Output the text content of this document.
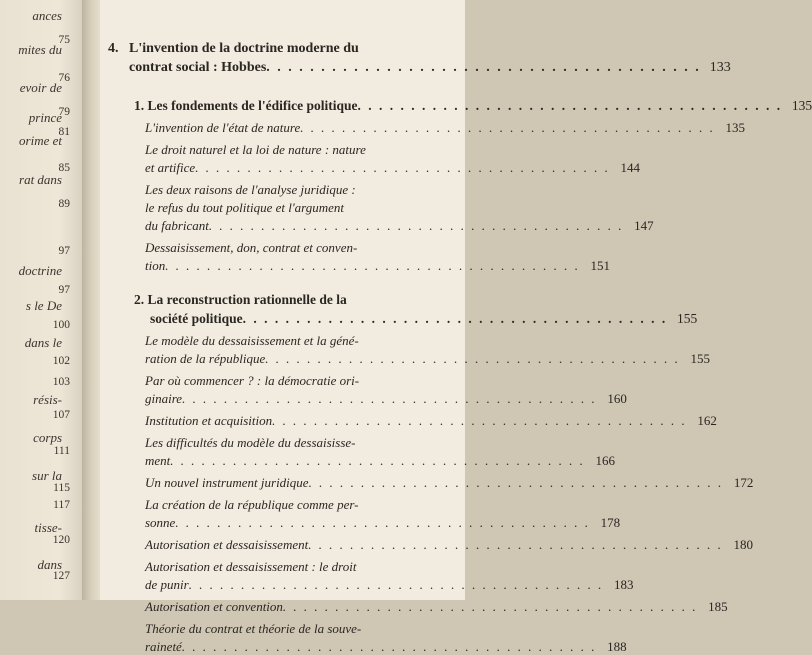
ances
mites du
evoir de
prince
orime et
rat dans
doctrine
s le De
dans le
résis-
corps
sur la
tisse-
dans
75
76
79
81
85
89
97
97
100
102
103
107
111
115
117
120
127
4. L'invention de la doctrine moderne du
contrat social : Hobbes . . . . . . . . . . . . . . . . . . . . . . . . . . . . . . . . . . . . . . . . 133
1. Les fondements de l'édifice politique . . . . . . . . . . . . . . . . . . . . . . . . . . . . . . . . . . . . . . . . 135
L'invention de l'état de nature . . . . . . . . . . . . . . . . . . . . . . . . . . . . . . . . . . . . . . . . 135
Le droit naturel et la loi de nature : nature
et artifice . . . . . . . . . . . . . . . . . . . . . . . . . . . . . . . . . . . . . . . . 144
Les deux raisons de l'analyse juridique :
le refus du tout politique et l'argument
du fabricant . . . . . . . . . . . . . . . . . . . . . . . . . . . . . . . . . . . . . . . . 147
Dessaisissement, don, contrat et conven-
tion . . . . . . . . . . . . . . . . . . . . . . . . . . . . . . . . . . . . . . . . 151
2. La reconstruction rationnelle de la
société politique . . . . . . . . . . . . . . . . . . . . . . . . . . . . . . . . . . . . . . . . 155
Le modèle du dessaisissement et la géné-
ration de la république . . . . . . . . . . . . . . . . . . . . . . . . . . . . . . . . . . . . . . . . 155
Par où commencer ? : la démocratie ori-
ginaire . . . . . . . . . . . . . . . . . . . . . . . . . . . . . . . . . . . . . . . . 160
Institution et acquisition . . . . . . . . . . . . . . . . . . . . . . . . . . . . . . . . . . . . . . . . 162
Les difficultés du modèle du dessaisisse-
ment . . . . . . . . . . . . . . . . . . . . . . . . . . . . . . . . . . . . . . . . 166
Un nouvel instrument juridique . . . . . . . . . . . . . . . . . . . . . . . . . . . . . . . . . . . . . . . . 172
La création de la république comme per-
sonne . . . . . . . . . . . . . . . . . . . . . . . . . . . . . . . . . . . . . . . . 178
Autorisation et dessaisissement . . . . . . . . . . . . . . . . . . . . . . . . . . . . . . . . . . . . . . . . 180
Autorisation et dessaisissement : le droit
de punir . . . . . . . . . . . . . . . . . . . . . . . . . . . . . . . . . . . . . . . . 183
Autorisation et convention . . . . . . . . . . . . . . . . . . . . . . . . . . . . . . . . . . . . . . . . 185
Théorie du contrat et théorie de la souve-
raineté . . . . . . . . . . . . . . . . . . . . . . . . . . . . . . . . . . . . . . . . 188
